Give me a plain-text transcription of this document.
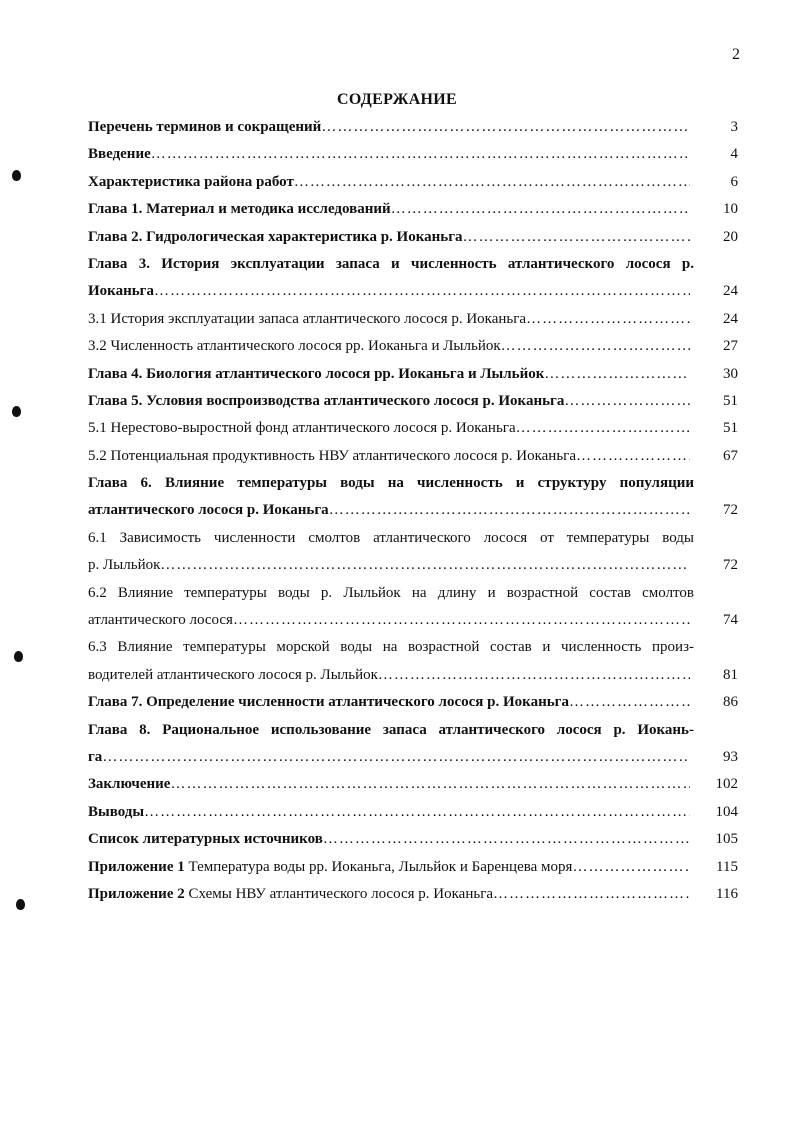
2
СОДЕРЖАНИЕ
Перечень терминов и сокращений ……………………………………………………………………………………………………………………………………………………………………………………	3
Введение ……………………………………………………………………………………………………………………………………………………………………………………	4
Характеристика района работ ……………………………………………………………………………………………………………………………………………………………………………………	6
Глава 1. Материал и методика исследований ……………………………………………………………………………………………………………………………………………………………………………………	10
Глава 2. Гидрологическая характеристика р. Иоканьга ……………………………………………………………………………………………………………………………………………………………………………………	20
Глава 3. История эксплуатации запаса и численность атлантического лосося р.
Иоканьга ……………………………………………………………………………………………………………………………………………………………………………………	24
3.1 История эксплуатации запаса атлантического лосося р. Иоканьга ……………………………………………………………………………………………………………………………………………………………………………………	24
3.2 Численность атлантического лосося рр. Иоканьга и Лыльйок ……………………………………………………………………………………………………………………………………………………………………………………	27
Глава 4. Биология атлантического лосося рр. Иоканьга и Лыльйок ……………………………………………………………………………………………………………………………………………………………………………………	30
Глава 5. Условия воспроизводства атлантического лосося р. Иоканьга ……………………………………………………………………………………………………………………………………………………………………………………	51
5.1 Нерестово-выростной фонд атлантического лосося р. Иоканьга ……………………………………………………………………………………………………………………………………………………………………………………	51
5.2 Потенциальная продуктивность НВУ атлантического лосося р. Иоканьга ……………………………………………………………………………………………………………………………………………………………………………………	67
Глава 6. Влияние температуры воды на численность и структуру популяции
атлантического лосося р. Иоканьга ……………………………………………………………………………………………………………………………………………………………………………………	72
6.1 Зависимость численности смолтов атлантического лосося от температуры воды
р. Лыльйок ……………………………………………………………………………………………………………………………………………………………………………………	72
6.2 Влияние температуры воды р. Лыльйок на длину и возрастной состав смолтов
атлантического лосося ……………………………………………………………………………………………………………………………………………………………………………………	74
6.3 Влияние температуры морской воды на возрастной состав и численность произ-
водителей атлантического лосося р. Лыльйок ……………………………………………………………………………………………………………………………………………………………………………………	81
Глава 7. Определение численности атлантического лосося р. Иоканьга ……………………………………………………………………………………………………………………………………………………………………………………	86
Глава 8. Рациональное использование запаса атлантического лосося р. Иокань-
га ……………………………………………………………………………………………………………………………………………………………………………………	93
Заключение ……………………………………………………………………………………………………………………………………………………………………………………	102
Выводы ……………………………………………………………………………………………………………………………………………………………………………………	104
Список литературных источников ……………………………………………………………………………………………………………………………………………………………………………………	105
Приложение 1 Температура воды рр. Иоканьга, Лыльйок и Баренцева моря ……………………………………………………………………………………………………………………………………………………………………………………	115
Приложение 2 Схемы НВУ атлантического лосося р. Иоканьга ……………………………………………………………………………………………………………………………………………………………………………………	116
